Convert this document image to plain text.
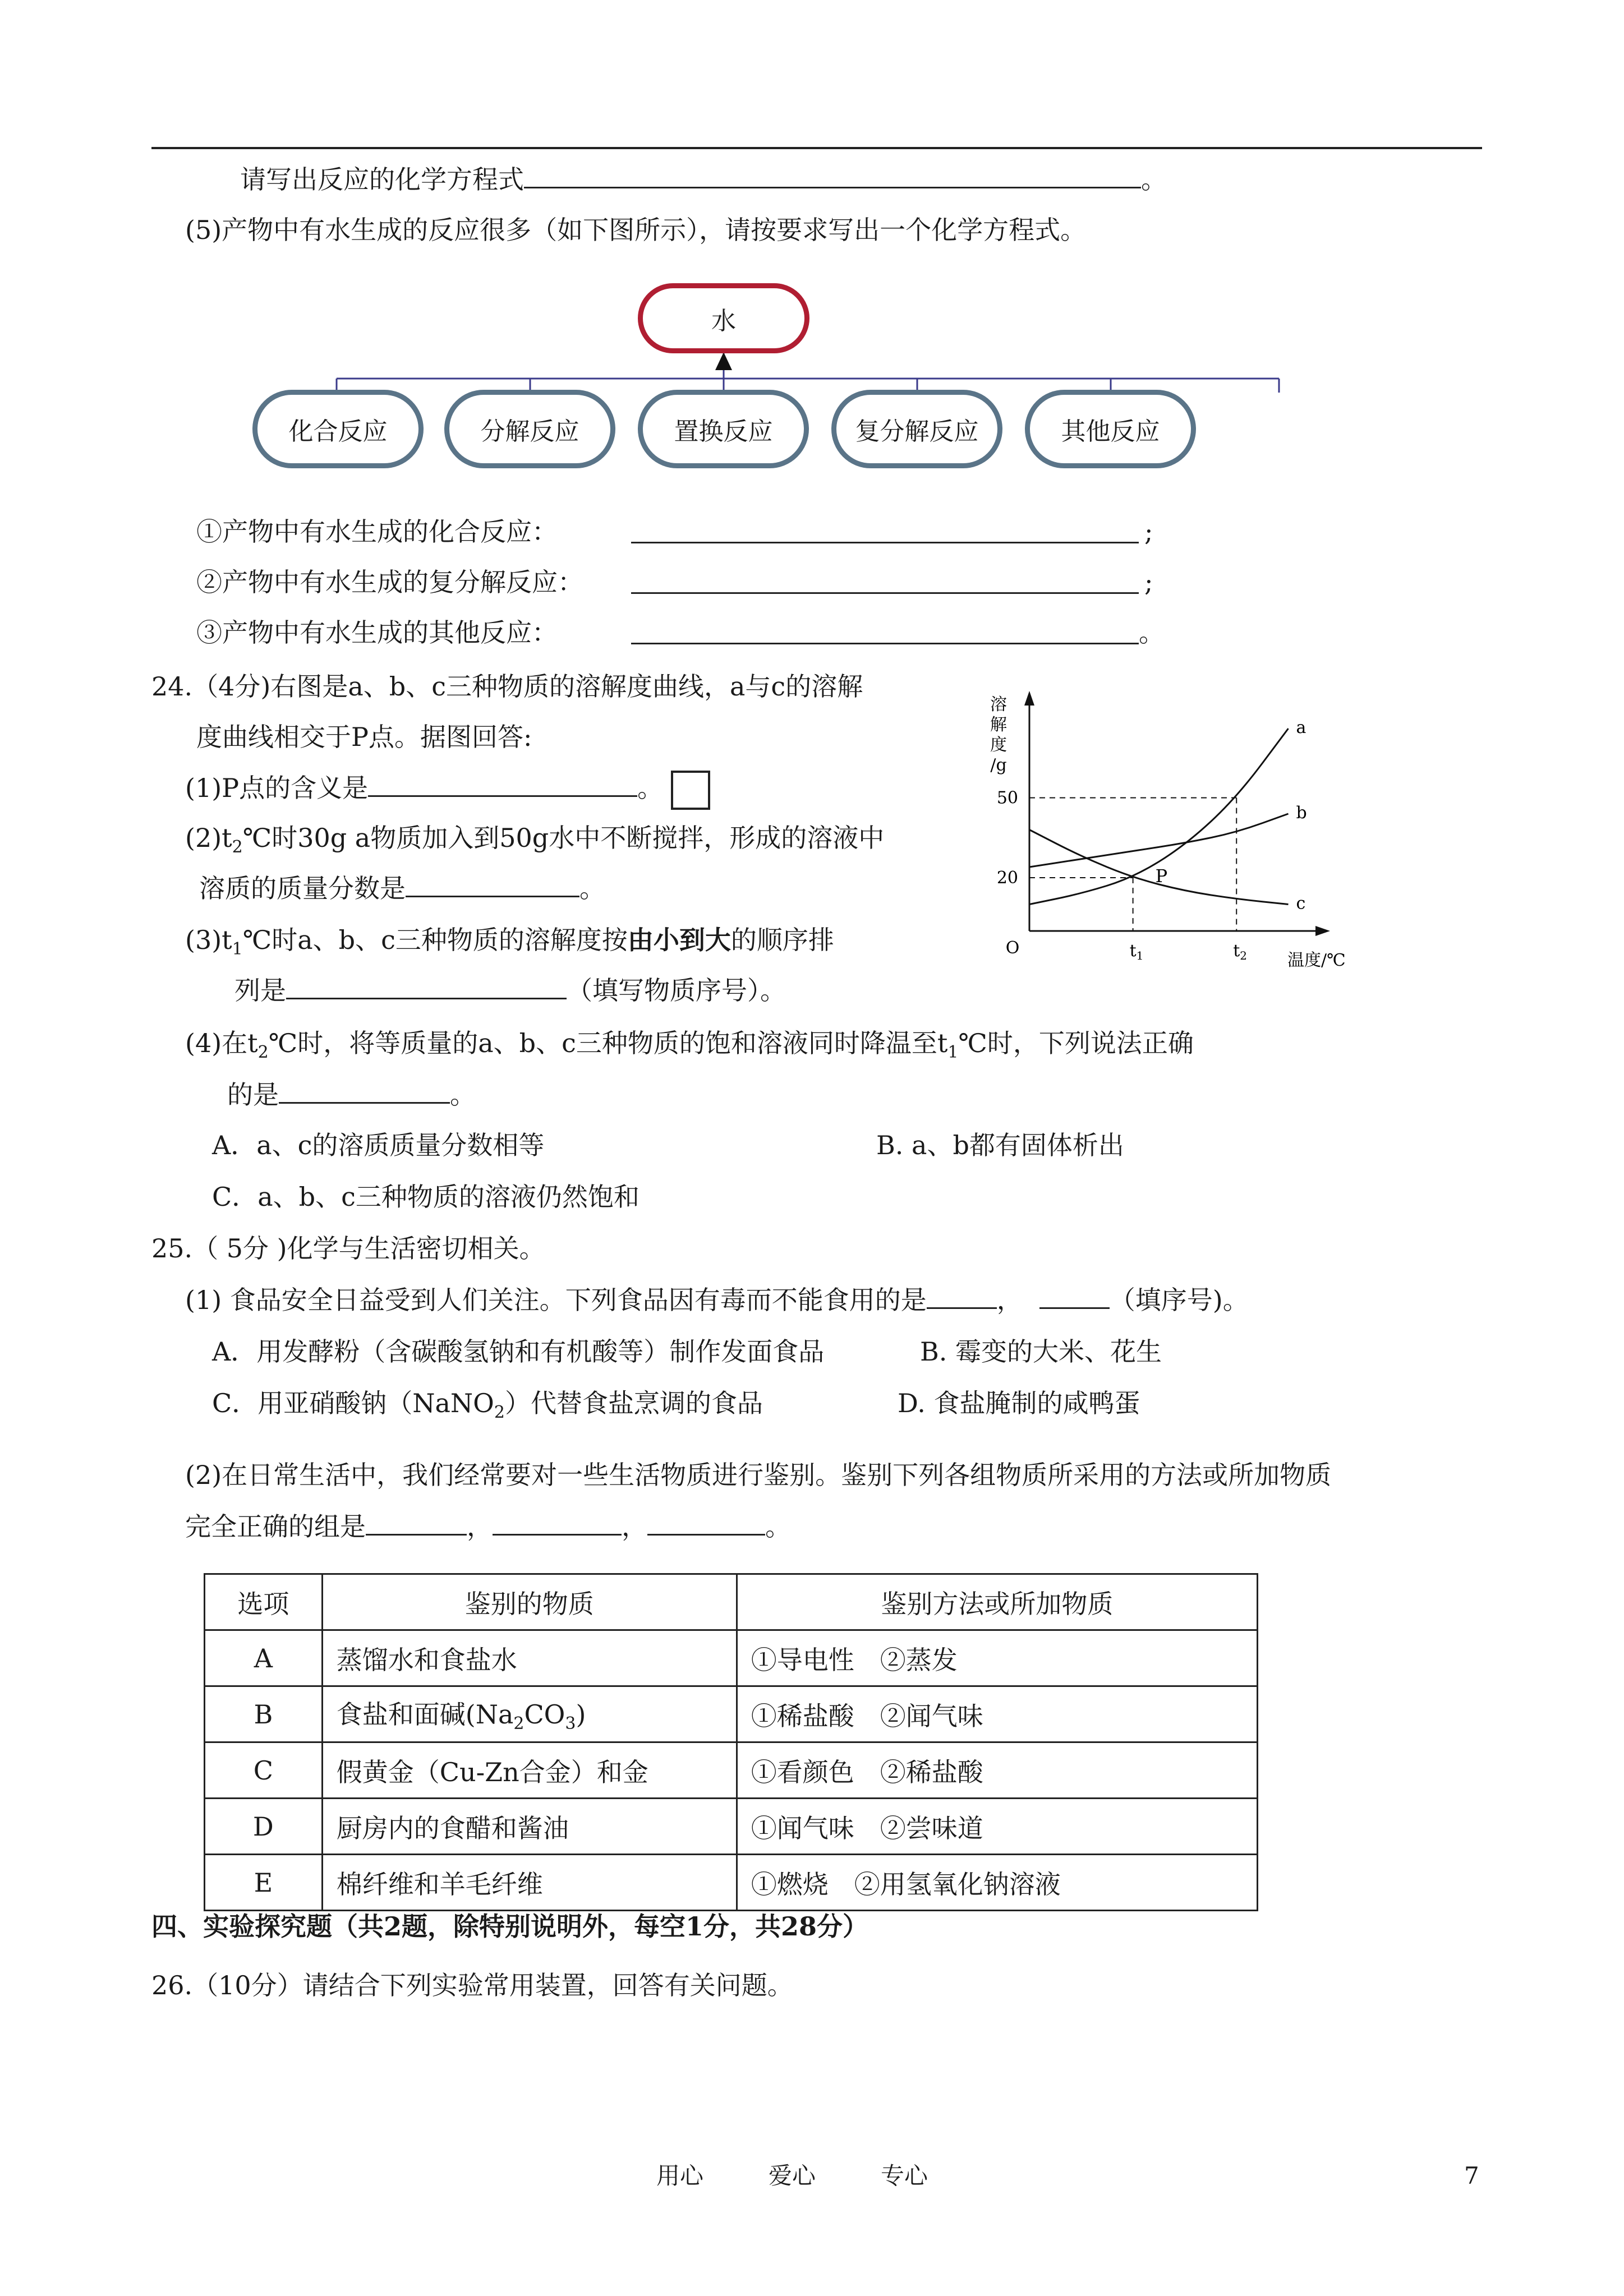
请写出反应的化学方程式	。
(5)产物中有水生成的反应很多（如下图所示），请按要求写出一个化学方程式。
水
化合反应	分解反应	置换反应	复分解反应	其他反应
①产物中有水生成的化合反应：	;
②产物中有水生成的复分解反应：	;
③产物中有水生成的其他反应：	。
24.（4分)右图是a、b、c三种物质的溶解度曲线，a与c的溶解
度曲线相交于P点。据图回答:
(1)P点的含义是	。
$(2)t_2℃$时30g a物质加入到50g水中不断搅拌，形成的溶液中
溶质的质量分数是	。
$(3)t_1℃$时a、b、c三种物质的溶解度按由小到大的顺序排
列是	（填写物质序号）。
(4)在$t_2℃$时，将等质量的a、b、c三种物质的饱和溶液同时降温至$t_1℃$时，下列说法正确
的是	。
A．a、c的溶质质量分数相等	B. a、b都有固体析出
C．a、b、c三种物质的溶液仍然饱和
溶
解
度
/g
温度/℃
O
20
50
$t_1$	$t_2$
a
b
c
P
25.（ 5分 )化学与生活密切相关。
(1) 食品安全日益受到人们关注。下列食品因有毒而不能食用的是	，	（填序号)。
A．用发酵粉（含碳酸氢钠和有机酸等）制作发面食品	B. 霉变的大米、花生
C．用亚硝酸钠（NaNO$_2$）代替食盐烹调的食品	D. 食盐腌制的咸鸭蛋
(2)在日常生活中，我们经常要对一些生活物质进行鉴别。鉴别下列各组物质所采用的方法或所加物质
完全正确的组是	，	，	。
选项	鉴别的物质	鉴别方法或所加物质
A	蒸馏水和食盐水	①导电性　②蒸发
B	食盐和面碱$(Na_2CO_3)$	①稀盐酸　②闻气味
C	假黄金（Cu-Zn合金）和金	①看颜色　②稀盐酸
D	厨房内的食醋和酱油	①闻气味　②尝味道
E	棉纤维和羊毛纤维	①燃烧　②用氢氧化钠溶液
四、实验探究题（共2题，除特别说明外，每空1分，共28分）
26.（10分）请结合下列实验常用装置，回答有关问题。
用心	爱心	专心	7
